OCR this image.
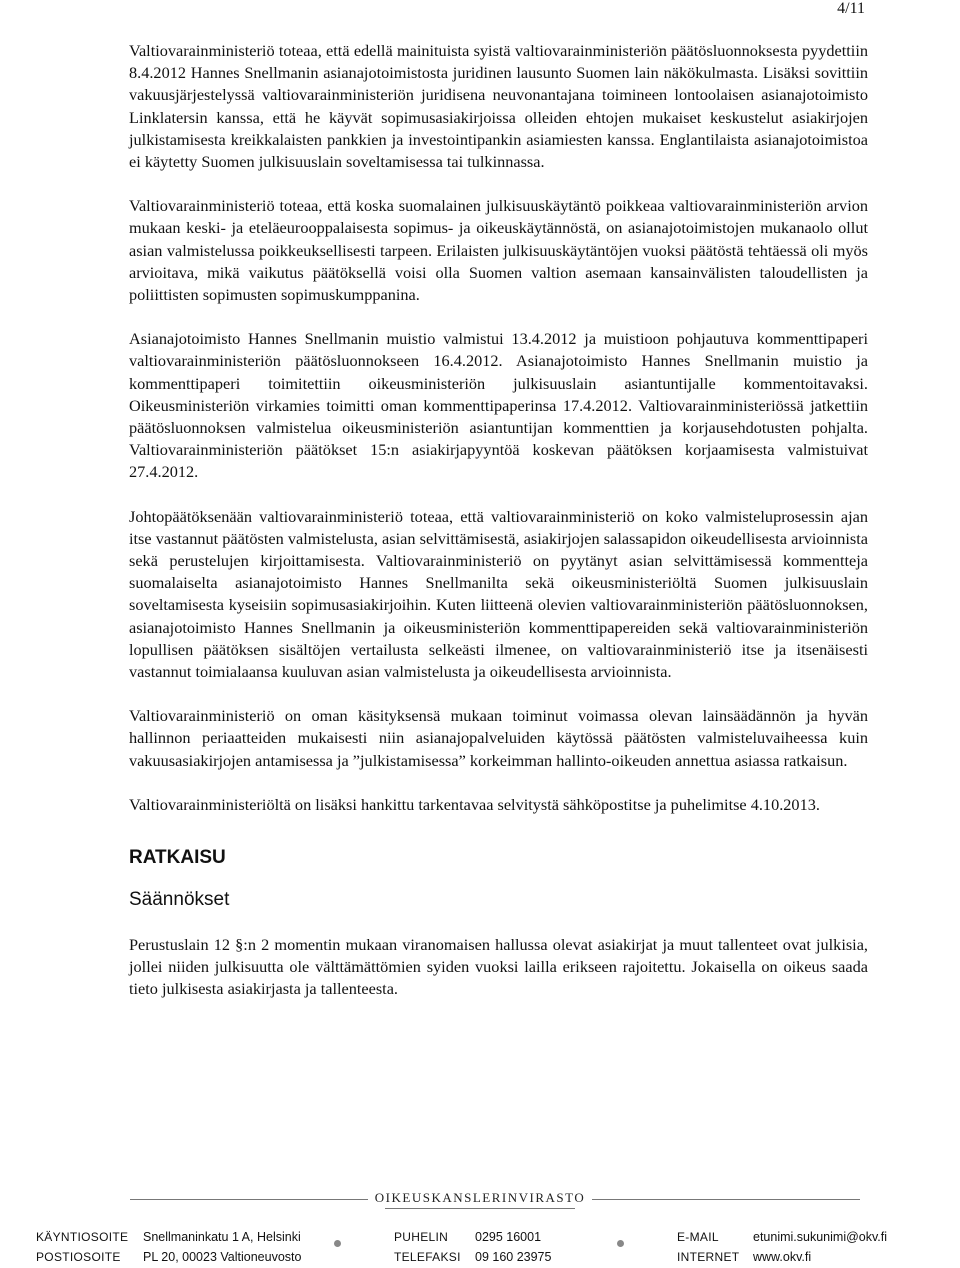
4/11

Valtiovarainministeriö toteaa, että edellä mainituista syistä valtiovarainministeriön päätösluonnoksesta pyydettiin 8.4.2012 Hannes Snellmanin asianajotoimistosta juridinen lausunto Suomen lain näkökulmasta. Lisäksi sovittiin vakuusjärjestelyssä valtiovarainministeriön juridisena neuvonantajana toimineen lontoolaisen asianajotoimisto Linklatersin kanssa, että he käyvät sopimusasiakirjoissa olleiden ehtojen mukaiset keskustelut asiakirjojen julkistamisesta kreikkalaisten pankkien ja investointipankin asiamiesten kanssa. Englantilaista asianajotoimistoa ei käytetty Suomen julkisuuslain soveltamisessa tai tulkinnassa.

Valtiovarainministeriö toteaa, että koska suomalainen julkisuuskäytäntö poikkeaa valtiovarainministeriön arvion mukaan keski- ja eteläeurooppalaisesta sopimus- ja oikeuskäytännöstä, on asianajotoimistojen mukanaolo ollut asian valmistelussa poikkeuksellisesti tarpeen. Erilaisten julkisuuskäytäntöjen vuoksi päätöstä tehtäessä oli myös arvioitava, mikä vaikutus päätöksellä voisi olla Suomen valtion asemaan kansainvälisten taloudellisten ja poliittisten sopimusten sopimuskumppanina.

Asianajotoimisto Hannes Snellmanin muistio valmistui 13.4.2012 ja muistioon pohjautuva kommenttipaperi valtiovarainministeriön päätösluonnokseen 16.4.2012. Asianajotoimisto Hannes Snellmanin muistio ja kommenttipaperi toimitettiin oikeusministeriön julkisuuslain asiantuntijalle kommentoitavaksi. Oikeusministeriön virkamies toimitti oman kommenttipaperinsa 17.4.2012. Valtiovarainministeriössä jatkettiin päätösluonnoksen valmistelua oikeusministeriön asiantuntijan kommenttien ja korjausehdotusten pohjalta. Valtiovarainministeriön päätökset 15:n asiakirjapyyntöä koskevan päätöksen korjaamisesta valmistuivat 27.4.2012.

Johtopäätöksenään valtiovarainministeriö toteaa, että valtiovarainministeriö on koko valmisteluprosessin ajan itse vastannut päätösten valmistelusta, asian selvittämisestä, asiakirjojen salassapidon oikeudellisesta arvioinnista sekä perustelujen kirjoittamisesta. Valtiovarainministeriö on pyytänyt asian selvittämisessä kommentteja suomalaiselta asianajotoimisto Hannes Snellmanilta sekä oikeusministeriöltä Suomen julkisuuslain soveltamisesta kyseisiin sopimusasiakirjoihin. Kuten liitteenä olevien valtiovarainministeriön päätösluonnoksen, asianajotoimisto Hannes Snellmanin ja oikeusministeriön kommenttipapereiden sekä valtiovarainministeriön lopullisen päätöksen sisältöjen vertailusta selkeästi ilmenee, on valtiovarainministeriö itse ja itsenäisesti vastannut toimialaansa kuuluvan asian valmistelusta ja oikeudellisesta arvioinnista.

Valtiovarainministeriö on oman käsityksensä mukaan toiminut voimassa olevan lainsäädännön ja hyvän hallinnon periaatteiden mukaisesti niin asianajopalveluiden käytössä päätösten valmisteluvaiheessa kuin vakuusasiakirjojen antamisessa ja ”julkistamisessa” korkeimman hallinto-oikeuden annettua asiassa ratkaisun.

Valtiovarainministeriöltä on lisäksi hankittu tarkentavaa selvitystä sähköpostitse ja puhelimitse 4.10.2013.

RATKAISU
Säännökset

Perustuslain 12 §:n 2 momentin mukaan viranomaisen hallussa olevat asiakirjat ja muut tallenteet ovat julkisia, jollei niiden julkisuutta ole välttämättömien syiden vuoksi lailla erikseen rajoitettu. Jokaisella on oikeus saada tieto julkisesta asiakirjasta ja tallenteesta.

OIKEUSKANSLERINVIRASTO
KÄYNTIOSOITE Snellmaninkatu 1 A, Helsinki	PUHELIN 0295 16001	E-MAIL	etunimi.sukunimi@okv.fi
POSTIOSOITE PL 20, 00023 Valtioneuvosto	TELEFAKSI 09 160 23975	INTERNET www.okv.fi
